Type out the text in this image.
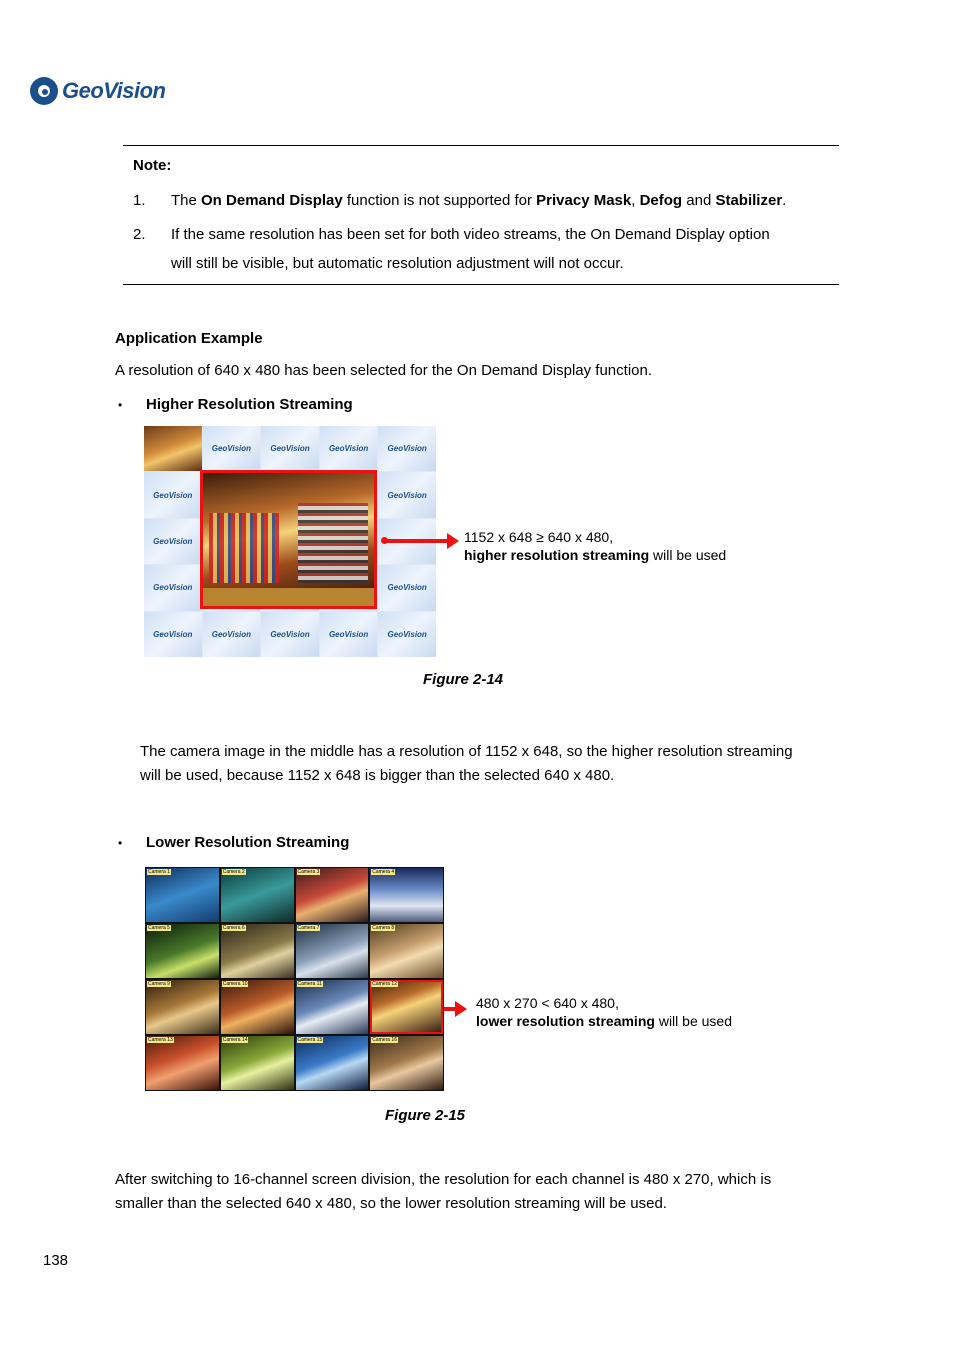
GeoVision
Note:
1. The On Demand Display function is not supported for Privacy Mask, Defog and Stabilizer.
2. If the same resolution has been set for both video streams, the On Demand Display option
will still be visible, but automatic resolution adjustment will not occur.
Application Example
A resolution of 640 x 480 has been selected for the On Demand Display function.
• Higher Resolution Streaming
GeoVision GeoVision GeoVision GeoVision
GeoVision	GeoVision
GeoVision
GeoVision	GeoVision
GeoVision GeoVision GeoVision GeoVision GeoVision
1152 x 648 ≥ 640 x 480,
higher resolution streaming will be used
Figure 2-14
The camera image in the middle has a resolution of 1152 x 648, so the higher resolution streaming
will be used, because 1152 x 648 is bigger than the selected 640 x 480.
• Lower Resolution Streaming
Camera 1	Camera 2	Camera 3	Camera 4
Camera 5	Camera 6	Camera 7	Camera 8
Camera 9	Camera 10	Camera 11	Camera 12
Camera 13	Camera 14	Camera 15	Camera 16
480 x 270 < 640 x 480,
lower resolution streaming will be used
Figure 2-15
After switching to 16-channel screen division, the resolution for each channel is 480 x 270, which is
smaller than the selected 640 x 480, so the lower resolution streaming will be used.
138
